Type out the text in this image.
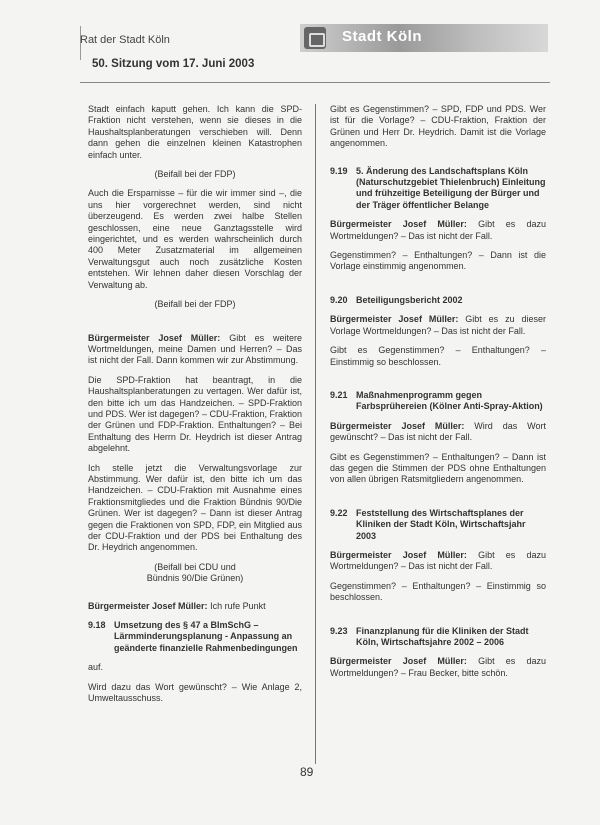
Rat der Stadt Köln
50. Sitzung vom 17. Juni 2003
Stadt Köln

Stadt einfach kaputt gehen. Ich kann die SPD-Fraktion nicht verstehen, wenn sie dieses in die Haushaltsplanberatungen verschieben will. Denn dann gehen die einzelnen kleinen Katastrophen einfach unter.

(Beifall bei der FDP)

Auch die Ersparnisse – für die wir immer sind –, die uns hier vorgerechnet werden, sind nicht überzeugend. Es werden zwei halbe Stellen geschlossen, eine neue Ganztagsstelle wird eingerichtet, und es werden wahrscheinlich durch 400 Meter Zusatzmaterial im allgemeinen Verwaltungsgut auch noch zusätzliche Kosten entstehen. Wir lehnen daher diesen Vorschlag der Verwaltung ab.

(Beifall bei der FDP)

Bürgermeister Josef Müller: Gibt es weitere Wortmeldungen, meine Damen und Herren? – Das ist nicht der Fall. Dann kommen wir zur Abstimmung.

Die SPD-Fraktion hat beantragt, in die Haushaltsplanberatungen zu vertagen. Wer dafür ist, den bitte ich um das Handzeichen. – SPD-Fraktion und PDS. Wer ist dagegen? – CDU-Fraktion, Fraktion der Grünen und FDP-Fraktion. Enthaltungen? – Bei Enthaltung des Herrn Dr. Heydrich ist dieser Antrag abgelehnt.

Ich stelle jetzt die Verwaltungsvorlage zur Abstimmung. Wer dafür ist, den bitte ich um das Handzeichen. – CDU-Fraktion mit Ausnahme eines Fraktionsmitgliedes und die Fraktion Bündnis 90/Die Grünen. Wer ist dagegen? – Dann ist dieser Antrag gegen die Fraktionen von SPD, FDP, ein Mitglied aus der CDU-Fraktion und der PDS bei Enthaltung des Dr. Heydrich angenommen.

(Beifall bei CDU und

Bündnis 90/Die Grünen)

Bürgermeister Josef Müller: Ich rufe Punkt

9.18 Umsetzung des § 47 a BImSchG – Lärmminderungsplanung - Anpassung an geänderte finanzielle Rahmenbedingungen

auf.

Wird dazu das Wort gewünscht? – Wie Anlage 2, Umweltausschuss.

Gibt es Gegenstimmen? – SPD, FDP und PDS. Wer ist für die Vorlage? – CDU-Fraktion, Fraktion der Grünen und Herr Dr. Heydrich. Damit ist die Vorlage angenommen.

9.19 5. Änderung des Landschaftsplans Köln (Naturschutzgebiet Thielenbruch) Einleitung und frühzeitige Beteiligung der Bürger und der Träger öffentlicher Belange

Bürgermeister Josef Müller: Gibt es dazu Wortmeldungen? – Das ist nicht der Fall.

Gegenstimmen? – Enthaltungen? – Dann ist die Vorlage einstimmig angenommen.

9.20 Beteiligungsbericht 2002

Bürgermeister Josef Müller: Gibt es zu dieser Vorlage Wortmeldungen? – Das ist nicht der Fall.

Gibt es Gegenstimmen? – Enthaltungen? – Einstimmig so beschlossen.

9.21 Maßnahmenprogramm gegen Farbsprühereien (Kölner Anti-Spray-Aktion)

Bürgermeister Josef Müller: Wird das Wort gewünscht? – Das ist nicht der Fall.

Gibt es Gegenstimmen? – Enthaltungen? – Dann ist das gegen die Stimmen der PDS ohne Enthaltungen von allen übrigen Ratsmitgliedern angenommen.

9.22 Feststellung des Wirtschaftsplanes der Kliniken der Stadt Köln, Wirtschaftsjahr 2003

Bürgermeister Josef Müller: Gibt es dazu Wortmeldungen? – Das ist nicht der Fall.

Gegenstimmen? – Enthaltungen? – Einstimmig so beschlossen.

9.23 Finanzplanung für die Kliniken der Stadt Köln, Wirtschaftsjahre 2002 – 2006

Bürgermeister Josef Müller: Gibt es dazu Wortmeldungen? – Frau Becker, bitte schön.

89
